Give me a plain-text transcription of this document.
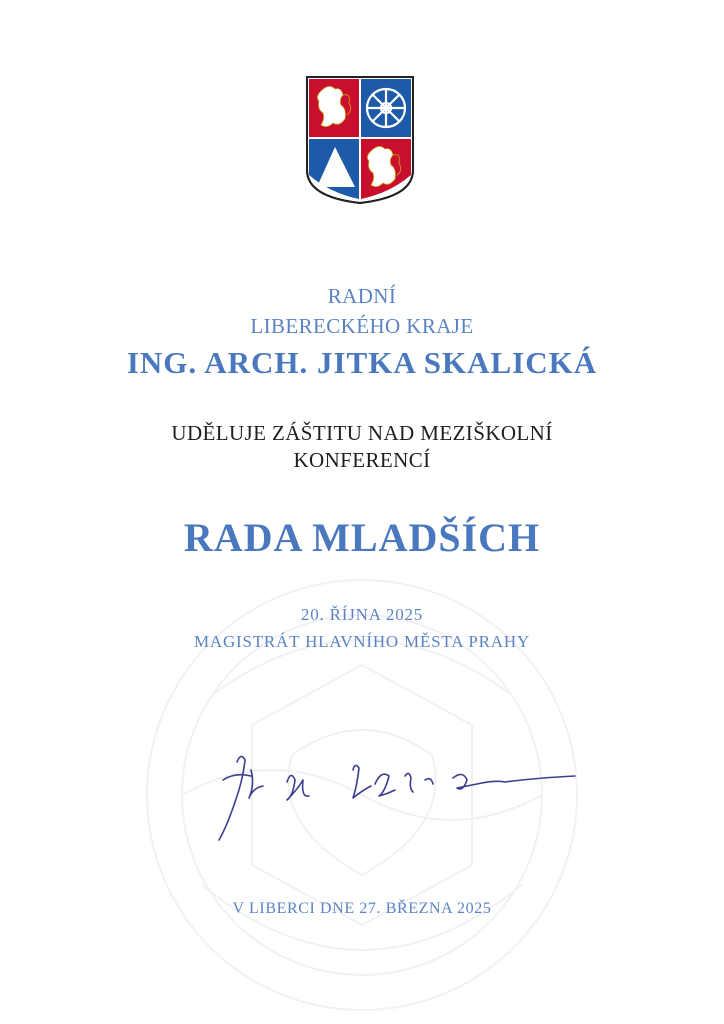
RADNÍ
LIBERECKÉHO KRAJE
ING. ARCH. JITKA SKALICKÁ
UDĚLUJE ZÁŠTITU NAD MEZIŠKOLNÍ
KONFERENCÍ
RADA MLADŠÍCH
20. ŘÍJNA 2025
MAGISTRÁT HLAVNÍHO MĚSTA PRAHY
V LIBERCI DNE 27. BŘEZNA 2025
